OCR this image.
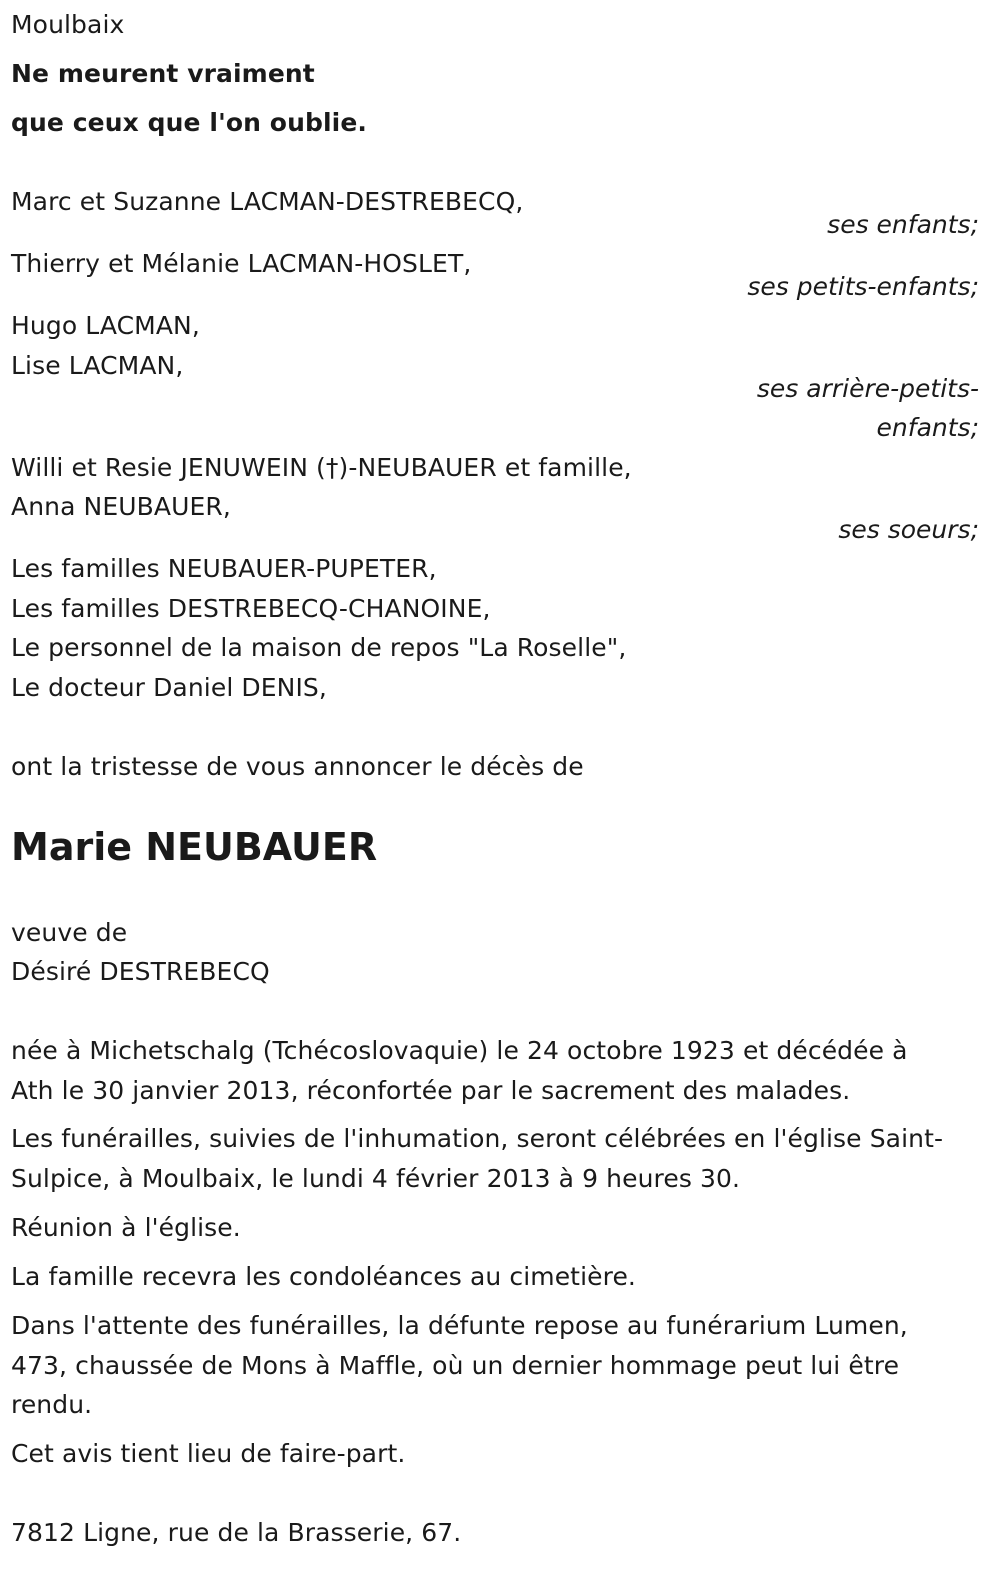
Moulbaix
Ne meurent vraiment
que ceux que l'on oublie.
Marc et Suzanne LACMAN-DESTREBECQ,
ses enfants;
Thierry et Mélanie LACMAN-HOSLET,
ses petits-enfants;
Hugo LACMAN,
Lise LACMAN,
ses arrière-petits-
enfants;
Willi et Resie JENUWEIN (†)-NEUBAUER et famille,
Anna NEUBAUER,
ses soeurs;
Les familles NEUBAUER-PUPETER,
Les familles DESTREBECQ-CHANOINE,
Le personnel de la maison de repos "La Roselle",
Le docteur Daniel DENIS,
ont la tristesse de vous annoncer le décès de
Marie NEUBAUER
veuve de
Désiré DESTREBECQ
née à Michetschalg (Tchécoslovaquie) le 24 octobre 1923 et décédée à
Ath le 30 janvier 2013, réconfortée par le sacrement des malades.
Les funérailles, suivies de l'inhumation, seront célébrées en l'église Saint-
Sulpice, à Moulbaix, le lundi 4 février 2013 à 9 heures 30.
Réunion à l'église.
La famille recevra les condoléances au cimetière.
Dans l'attente des funérailles, la défunte repose au funérarium Lumen,
473, chaussée de Mons à Maffle, où un dernier hommage peut lui être
rendu.
Cet avis tient lieu de faire-part.
7812 Ligne, rue de la Brasserie, 67.
